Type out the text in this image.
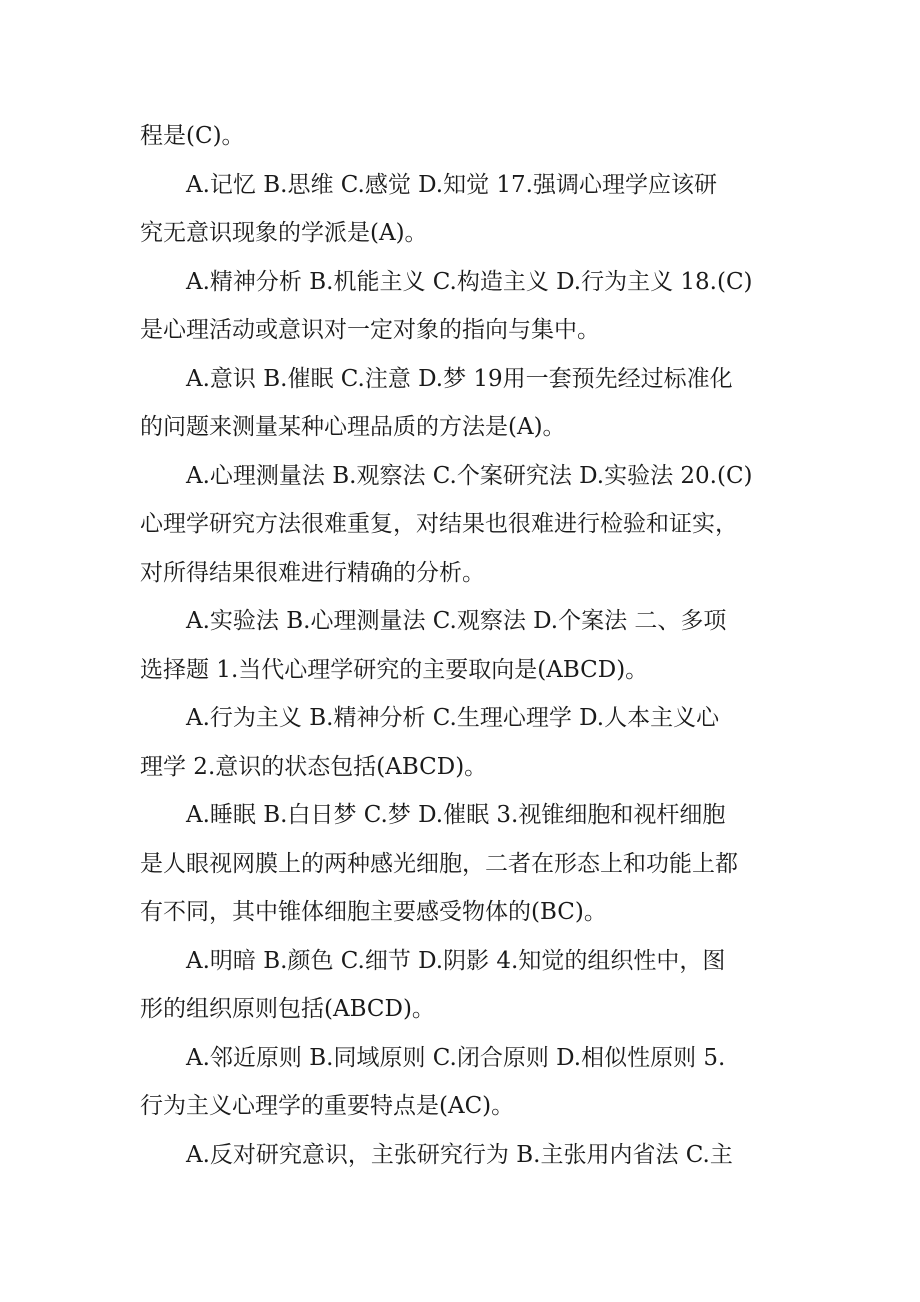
程是(C)。
A.记忆 B.思维 C.感觉 D.知觉 17.强调心理学应该研
究无意识现象的学派是(A)。
A.精神分析 B.机能主义 C.构造主义 D.行为主义 18.(C)
是心理活动或意识对一定对象的指向与集中。
A.意识 B.催眠 C.注意 D.梦 19用一套预先经过标准化
的问题来测量某种心理品质的方法是(A)。
A.心理测量法 B.观察法 C.个案研究法 D.实验法 20.(C)
心理学研究方法很难重复，对结果也很难进行检验和证实，
对所得结果很难进行精确的分析。
A.实验法 B.心理测量法 C.观察法 D.个案法 二、多项
选择题 1.当代心理学研究的主要取向是(ABCD)。
A.行为主义 B.精神分析 C.生理心理学 D.人本主义心
理学 2.意识的状态包括(ABCD)。
A.睡眠 B.白日梦 C.梦 D.催眠 3.视锥细胞和视杆细胞
是人眼视网膜上的两种感光细胞，二者在形态上和功能上都
有不同，其中锥体细胞主要感受物体的(BC)。
A.明暗 B.颜色 C.细节 D.阴影 4.知觉的组织性中，图
形的组织原则包括(ABCD)。
A.邻近原则 B.同域原则 C.闭合原则 D.相似性原则 5.
行为主义心理学的重要特点是(AC)。
A.反对研究意识，主张研究行为 B.主张用内省法 C.主
